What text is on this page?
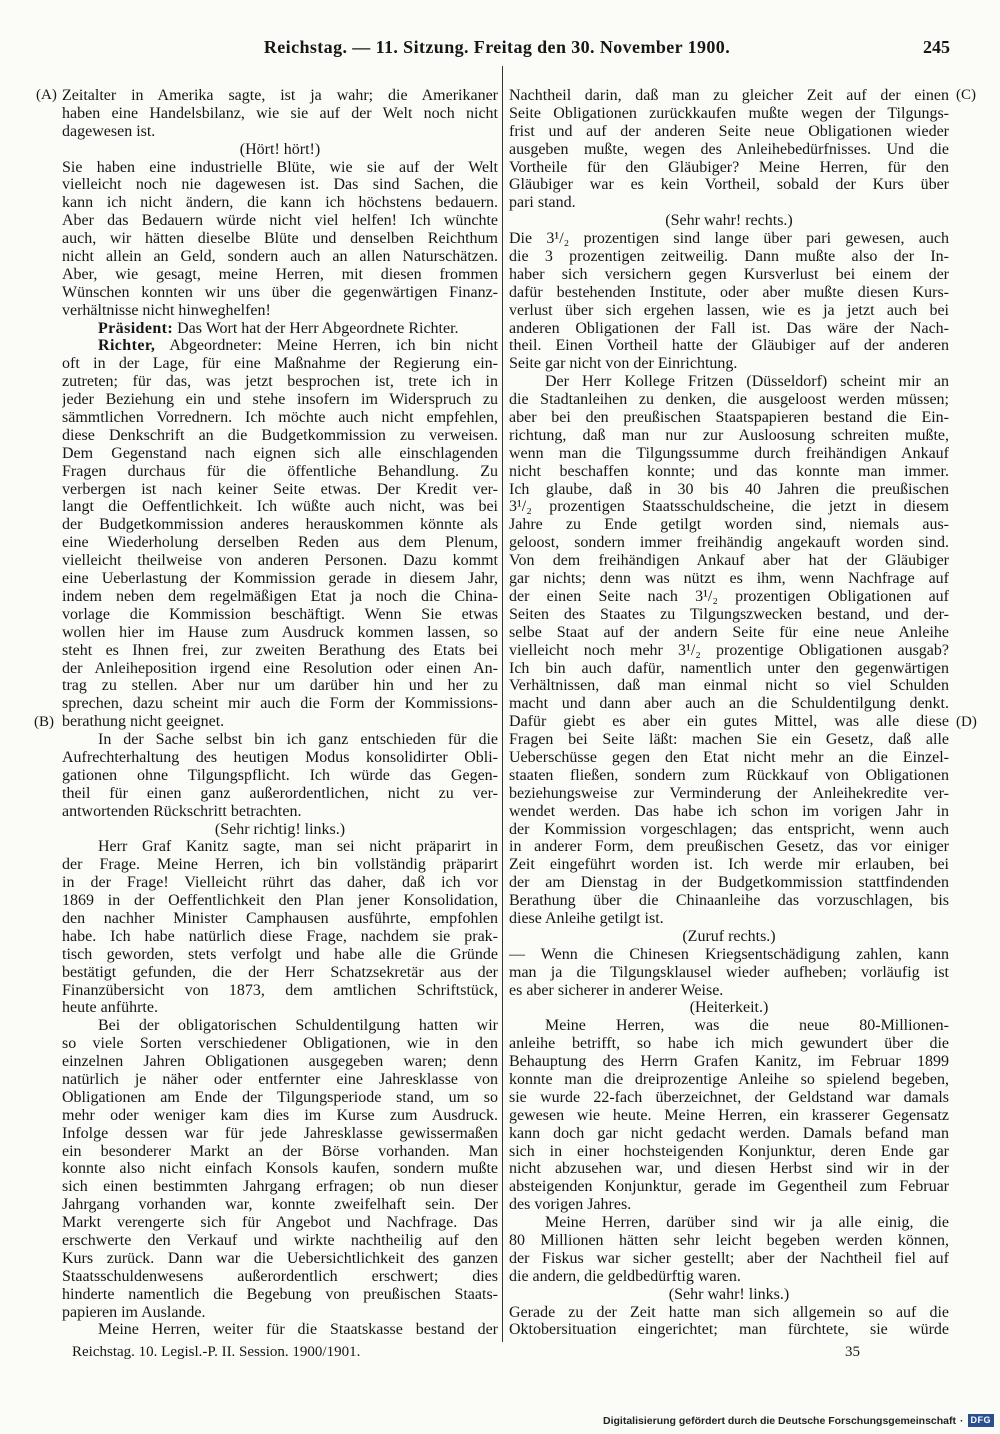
Reichstag. — 11. Sitzung. Freitag den 30. November 1900.	245
(A)
(B)
(C)
(D)
Zeitalter in Amerika sagte, ist ja wahr; die Amerikaner
haben eine Handelsbilanz, wie sie auf der Welt noch nicht
dagewesen ist.
(Hört! hört!)
Sie haben eine industrielle Blüte, wie sie auf der Welt
vielleicht noch nie dagewesen ist. Das sind Sachen, die
kann ich nicht ändern, die kann ich höchstens bedauern.
Aber das Bedauern würde nicht viel helfen! Ich wünchte
auch, wir hätten dieselbe Blüte und denselben Reichthum
nicht allein an Geld, sondern auch an allen Naturschätzen.
Aber, wie gesagt, meine Herren, mit diesen frommen
Wünschen konnten wir uns über die gegenwärtigen Finanz-
verhältnisse nicht hinweghelfen!
Präsident: Das Wort hat der Herr Abgeordnete Richter.
Richter, Abgeordneter: Meine Herren, ich bin nicht
oft in der Lage, für eine Maßnahme der Regierung ein-
zutreten; für das, was jetzt besprochen ist, trete ich in
jeder Beziehung ein und stehe insofern im Widerspruch zu
sämmtlichen Vorrednern. Ich möchte auch nicht empfehlen,
diese Denkschrift an die Budgetkommission zu verweisen.
Dem Gegenstand nach eignen sich alle einschlagenden
Fragen durchaus für die öffentliche Behandlung. Zu
verbergen ist nach keiner Seite etwas. Der Kredit ver-
langt die Oeffentlichkeit. Ich wüßte auch nicht, was bei
der Budgetkommission anderes herauskommen könnte als
eine Wiederholung derselben Reden aus dem Plenum,
vielleicht theilweise von anderen Personen. Dazu kommt
eine Ueberlastung der Kommission gerade in diesem Jahr,
indem neben dem regelmäßigen Etat ja noch die China-
vorlage die Kommission beschäftigt. Wenn Sie etwas
wollen hier im Hause zum Ausdruck kommen lassen, so
steht es Ihnen frei, zur zweiten Berathung des Etats bei
der Anleiheposition irgend eine Resolution oder einen An-
trag zu stellen. Aber nur um darüber hin und her zu
sprechen, dazu scheint mir auch die Form der Kommissions-
berathung nicht geeignet.
In der Sache selbst bin ich ganz entschieden für die
Aufrechterhaltung des heutigen Modus konsolidirter Obli-
gationen ohne Tilgungspflicht. Ich würde das Gegen-
theil für einen ganz außerordentlichen, nicht zu ver-
antwortenden Rückschritt betrachten.
(Sehr richtig! links.)
Herr Graf Kanitz sagte, man sei nicht präparirt in
der Frage. Meine Herren, ich bin vollständig präparirt
in der Frage! Vielleicht rührt das daher, daß ich vor
1869 in der Oeffentlichkeit den Plan jener Konsolidation,
den nachher Minister Camphausen ausführte, empfohlen
habe. Ich habe natürlich diese Frage, nachdem sie prak-
tisch geworden, stets verfolgt und habe alle die Gründe
bestätigt gefunden, die der Herr Schatzsekretär aus der
Finanzübersicht von 1873, dem amtlichen Schriftstück,
heute anführte.
Bei der obligatorischen Schuldentilgung hatten wir
so viele Sorten verschiedener Obligationen, wie in den
einzelnen Jahren Obligationen ausgegeben waren; denn
natürlich je näher oder entfernter eine Jahresklasse von
Obligationen am Ende der Tilgungsperiode stand, um so
mehr oder weniger kam dies im Kurse zum Ausdruck.
Infolge dessen war für jede Jahresklasse gewissermaßen
ein besonderer Markt an der Börse vorhanden. Man
konnte also nicht einfach Konsols kaufen, sondern mußte
sich einen bestimmten Jahrgang erfragen; ob nun dieser
Jahrgang vorhanden war, konnte zweifelhaft sein. Der
Markt verengerte sich für Angebot und Nachfrage. Das
erschwerte den Verkauf und wirkte nachtheilig auf den
Kurs zurück. Dann war die Uebersichtlichkeit des ganzen
Staatsschuldenwesens außerordentlich erschwert; dies
hinderte namentlich die Begebung von preußischen Staats-
papieren im Auslande.
Meine Herren, weiter für die Staatskasse bestand der
Nachtheil darin, daß man zu gleicher Zeit auf der einen
Seite Obligationen zurückkaufen mußte wegen der Tilgungs-
frist und auf der anderen Seite neue Obligationen wieder
ausgeben mußte, wegen des Anleihebedürfnisses. Und die
Vortheile für den Gläubiger? Meine Herren, für den
Gläubiger war es kein Vortheil, sobald der Kurs über
pari stand.
(Sehr wahr! rechts.)
Die 3¹/₂ prozentigen sind lange über pari gewesen, auch
die 3 prozentigen zeitweilig. Dann mußte also der In-
haber sich versichern gegen Kursverlust bei einem der
dafür bestehenden Institute, oder aber mußte diesen Kurs-
verlust über sich ergehen lassen, wie es ja jetzt auch bei
anderen Obligationen der Fall ist. Das wäre der Nach-
theil. Einen Vortheil hatte der Gläubiger auf der anderen
Seite gar nicht von der Einrichtung.
Der Herr Kollege Fritzen (Düsseldorf) scheint mir an
die Stadtanleihen zu denken, die ausgeloost werden müssen;
aber bei den preußischen Staatspapieren bestand die Ein-
richtung, daß man nur zur Ausloosung schreiten mußte,
wenn man die Tilgungssumme durch freihändigen Ankauf
nicht beschaffen konnte; und das konnte man immer.
Ich glaube, daß in 30 bis 40 Jahren die preußischen
3¹/₂ prozentigen Staatsschuldscheine, die jetzt in diesem
Jahre zu Ende getilgt worden sind, niemals aus-
geloost, sondern immer freihändig angekauft worden sind.
Von dem freihändigen Ankauf aber hat der Gläubiger
gar nichts; denn was nützt es ihm, wenn Nachfrage auf
der einen Seite nach 3¹/₂ prozentigen Obligationen auf
Seiten des Staates zu Tilgungszwecken bestand, und der-
selbe Staat auf der andern Seite für eine neue Anleihe
vielleicht noch mehr 3¹/₂ prozentige Obligationen ausgab?
Ich bin auch dafür, namentlich unter den gegenwärtigen
Verhältnissen, daß man einmal nicht so viel Schulden
macht und dann aber auch an die Schuldentilgung denkt.
Dafür giebt es aber ein gutes Mittel, was alle diese
Fragen bei Seite läßt: machen Sie ein Gesetz, daß alle
Ueberschüsse gegen den Etat nicht mehr an die Einzel-
staaten fließen, sondern zum Rückkauf von Obligationen
beziehungsweise zur Verminderung der Anleihekredite ver-
wendet werden. Das habe ich schon im vorigen Jahr in
der Kommission vorgeschlagen; das entspricht, wenn auch
in anderer Form, dem preußischen Gesetz, das vor einiger
Zeit eingeführt worden ist. Ich werde mir erlauben, bei
der am Dienstag in der Budgetkommission stattfindenden
Berathung über die Chinaanleihe das vorzuschlagen, bis
diese Anleihe getilgt ist.
(Zuruf rechts.)
— Wenn die Chinesen Kriegsentschädigung zahlen, kann
man ja die Tilgungsklausel wieder aufheben; vorläufig ist
es aber sicherer in anderer Weise.
(Heiterkeit.)
Meine Herren, was die neue 80-Millionen-
anleihe betrifft, so habe ich mich gewundert über die
Behauptung des Herrn Grafen Kanitz, im Februar 1899
konnte man die dreiprozentige Anleihe so spielend begeben,
sie wurde 22-fach überzeichnet, der Geldstand war damals
gewesen wie heute. Meine Herren, ein krasserer Gegensatz
kann doch gar nicht gedacht werden. Damals befand man
sich in einer hochsteigenden Konjunktur, deren Ende gar
nicht abzusehen war, und diesen Herbst sind wir in der
absteigenden Konjunktur, gerade im Gegentheil zum Februar
des vorigen Jahres.
Meine Herren, darüber sind wir ja alle einig, die
80 Millionen hätten sehr leicht begeben werden können,
der Fiskus war sicher gestellt; aber der Nachtheil fiel auf
die andern, die geldbedürftig waren.
(Sehr wahr! links.)
Gerade zu der Zeit hatte man sich allgemein so auf die
Oktobersituation eingerichtet; man fürchtete, sie würde
Reichstag. 10. Legisl.-P. II. Session. 1900/1901.	35
Digitalisierung gefördert durch die Deutsche Forschungsgemeinschaft · DFG
